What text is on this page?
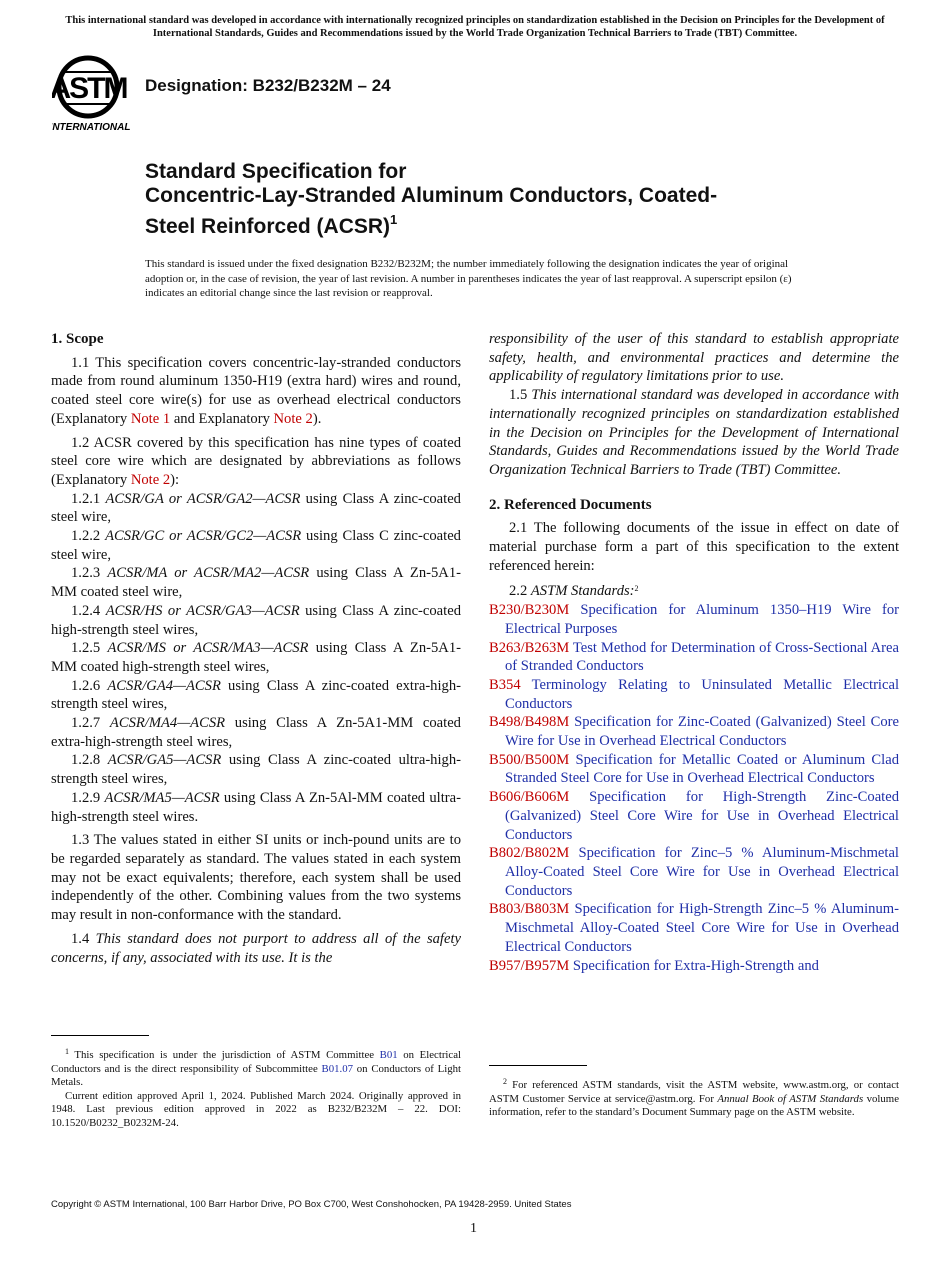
This international standard was developed in accordance with internationally recognized principles on standardization established in the Decision on Principles for the Development of International Standards, Guides and Recommendations issued by the World Trade Organization Technical Barriers to Trade (TBT) Committee.
ASTM
INTERNATIONAL
Designation: B232/B232M – 24
Standard Specification for
Concentric-Lay-Stranded Aluminum Conductors, Coated-
Steel Reinforced (ACSR)$^1$
This standard is issued under the fixed designation B232/B232M; the number immediately following the designation indicates the year of original adoption or, in the case of revision, the year of last revision. A number in parentheses indicates the year of last reapproval. A superscript epsilon (ε) indicates an editorial change since the last revision or reapproval.
1. Scope
1.1 This specification covers concentric-lay-stranded conductors made from round aluminum 1350-H19 (extra hard) wires and round, coated steel core wire(s) for use as overhead electrical conductors (Explanatory Note 1 and Explanatory Note 2).
1.2 ACSR covered by this specification has nine types of coated steel core wire which are designated by abbreviations as follows (Explanatory Note 2):
1.2.1 ACSR/GA or ACSR/GA2—ACSR using Class A zinc-coated steel wire,
1.2.2 ACSR/GC or ACSR/GC2—ACSR using Class C zinc-coated steel wire,
1.2.3 ACSR/MA or ACSR/MA2—ACSR using Class A Zn-5A1-MM coated steel wire,
1.2.4 ACSR/HS or ACSR/GA3—ACSR using Class A zinc-coated high-strength steel wires,
1.2.5 ACSR/MS or ACSR/MA3—ACSR using Class A Zn-5A1-MM coated high-strength steel wires,
1.2.6 ACSR/GA4—ACSR using Class A zinc-coated extra-high-strength steel wires,
1.2.7 ACSR/MA4—ACSR using Class A Zn-5A1-MM coated extra-high-strength steel wires,
1.2.8 ACSR/GA5—ACSR using Class A zinc-coated ultra-high-strength steel wires,
1.2.9 ACSR/MA5—ACSR using Class A Zn-5Al-MM coated ultra-high-strength steel wires.
1.3 The values stated in either SI units or inch-pound units are to be regarded separately as standard. The values stated in each system may not be exact equivalents; therefore, each system shall be used independently of the other. Combining values from the two systems may result in non-conformance with the standard.
1.4 This standard does not purport to address all of the safety concerns, if any, associated with its use. It is the
$^1$ This specification is under the jurisdiction of ASTM Committee B01 on Electrical Conductors and is the direct responsibility of Subcommittee B01.07 on Conductors of Light Metals.
Current edition approved April 1, 2024. Published March 2024. Originally approved in 1948. Last previous edition approved in 2022 as B232/B232M – 22. DOI: 10.1520/B0232_B0232M-24.
responsibility of the user of this standard to establish appropriate safety, health, and environmental practices and determine the applicability of regulatory limitations prior to use.
1.5 This international standard was developed in accordance with internationally recognized principles on standardization established in the Decision on Principles for the Development of International Standards, Guides and Recommendations issued by the World Trade Organization Technical Barriers to Trade (TBT) Committee.
2. Referenced Documents
2.1 The following documents of the issue in effect on date of material purchase form a part of this specification to the extent referenced herein:
2.2 ASTM Standards:$^2$
B230/B230M Specification for Aluminum 1350–H19 Wire for Electrical Purposes
B263/B263M Test Method for Determination of Cross-Sectional Area of Stranded Conductors
B354 Terminology Relating to Uninsulated Metallic Electrical Conductors
B498/B498M Specification for Zinc-Coated (Galvanized) Steel Core Wire for Use in Overhead Electrical Conductors
B500/B500M Specification for Metallic Coated or Aluminum Clad Stranded Steel Core for Use in Overhead Electrical Conductors
B606/B606M Specification for High-Strength Zinc-Coated (Galvanized) Steel Core Wire for Use in Overhead Electrical Conductors
B802/B802M Specification for Zinc–5 % Aluminum-Mischmetal Alloy-Coated Steel Core Wire for Use in Overhead Electrical Conductors
B803/B803M Specification for High-Strength Zinc–5 % Aluminum-Mischmetal Alloy-Coated Steel Core Wire for Use in Overhead Electrical Conductors
B957/B957M Specification for Extra-High-Strength and
$^2$ For referenced ASTM standards, visit the ASTM website, www.astm.org, or contact ASTM Customer Service at service@astm.org. For Annual Book of ASTM Standards volume information, refer to the standard’s Document Summary page on the ASTM website.
Copyright © ASTM International, 100 Barr Harbor Drive, PO Box C700, West Conshohocken, PA 19428-2959. United States
1
